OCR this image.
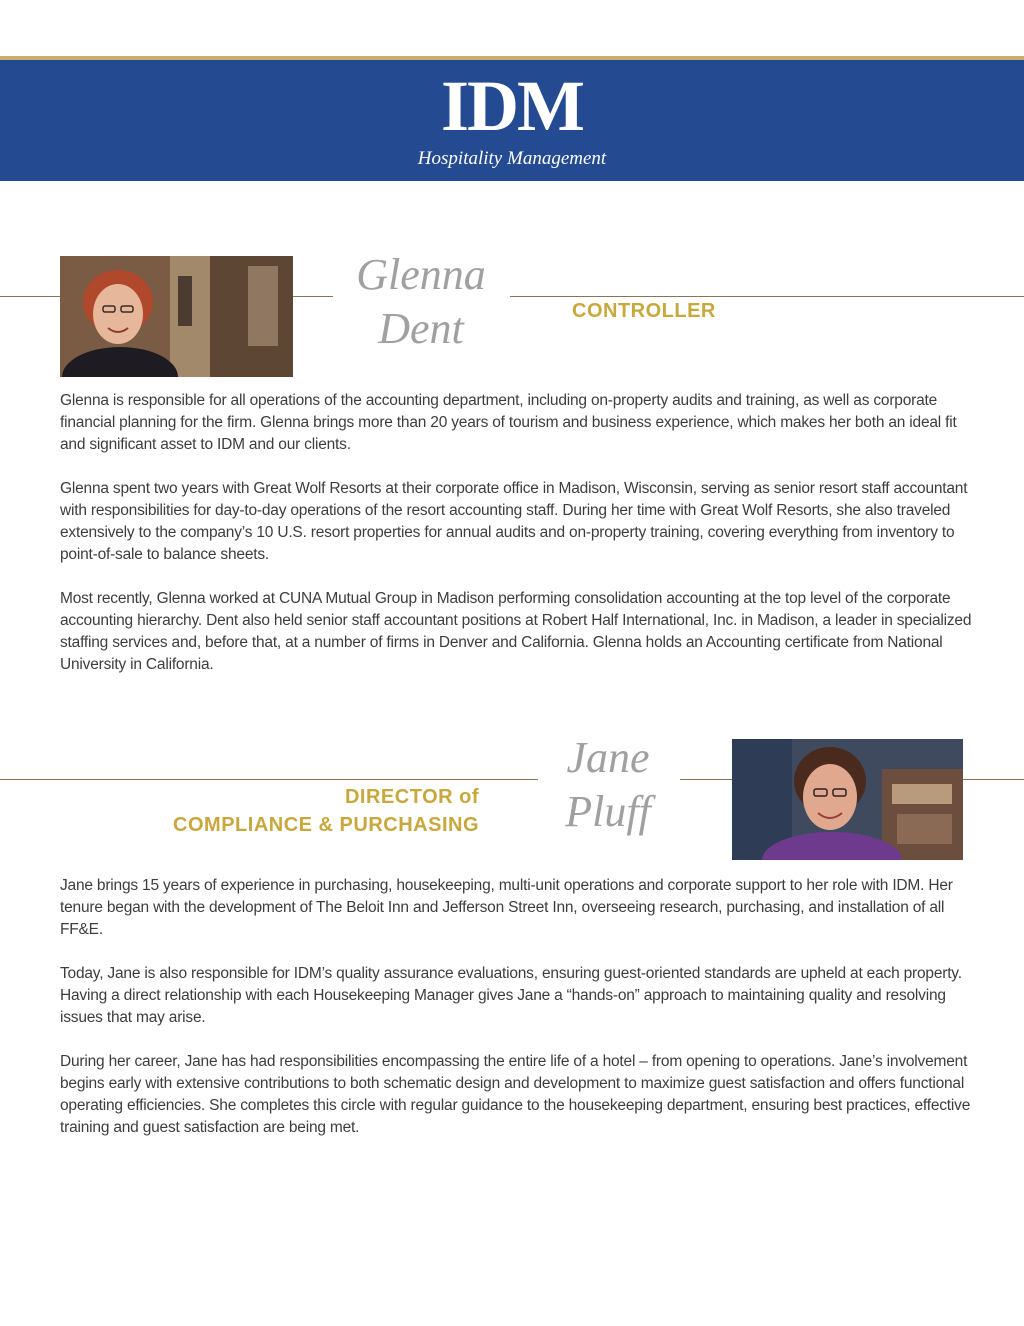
IDM
Hospitality Management
Glenna
Dent	CONTROLLER

Glenna is responsible for all operations of the accounting department, including on-property audits and training, as well as corporate financial planning for the firm. Glenna brings more than 20 years of tourism and business experience, which makes her both an ideal fit and significant asset to IDM and our clients.

Glenna spent two years with Great Wolf Resorts at their corporate office in Madison, Wisconsin, serving as senior resort staff accountant with responsibilities for day-to-day operations of the resort accounting staff. During her time with Great Wolf Resorts, she also traveled extensively to the company’s 10 U.S. resort properties for annual audits and on-property training, covering everything from inventory to point-of-sale to balance sheets.

Most recently, Glenna worked at CUNA Mutual Group in Madison performing consolidation accounting at the top level of the corporate accounting hierarchy. Dent also held senior staff accountant positions at Robert Half International, Inc. in Madison, a leader in specialized staffing services and, before that, at a number of firms in Denver and California. Glenna holds an Accounting certificate from National University in California.

DIRECTOR of
COMPLIANCE & PURCHASING
Jane
Pluff

Jane brings 15 years of experience in purchasing, housekeeping, multi-unit operations and corporate support to her role with IDM. Her tenure began with the development of The Beloit Inn and Jefferson Street Inn, overseeing research, purchasing, and installation of all FF&E.

Today, Jane is also responsible for IDM’s quality assurance evaluations, ensuring guest-oriented standards are upheld at each property. Having a direct relationship with each Housekeeping Manager gives Jane a “hands-on” approach to maintaining quality and resolving issues that may arise.

During her career, Jane has had responsibilities encompassing the entire life of a hotel – from opening to operations. Jane’s involvement begins early with extensive contributions to both schematic design and development to maximize guest satisfaction and offers functional operating efficiencies. She completes this circle with regular guidance to the housekeeping department, ensuring best practices, effective training and guest satisfaction are being met.
